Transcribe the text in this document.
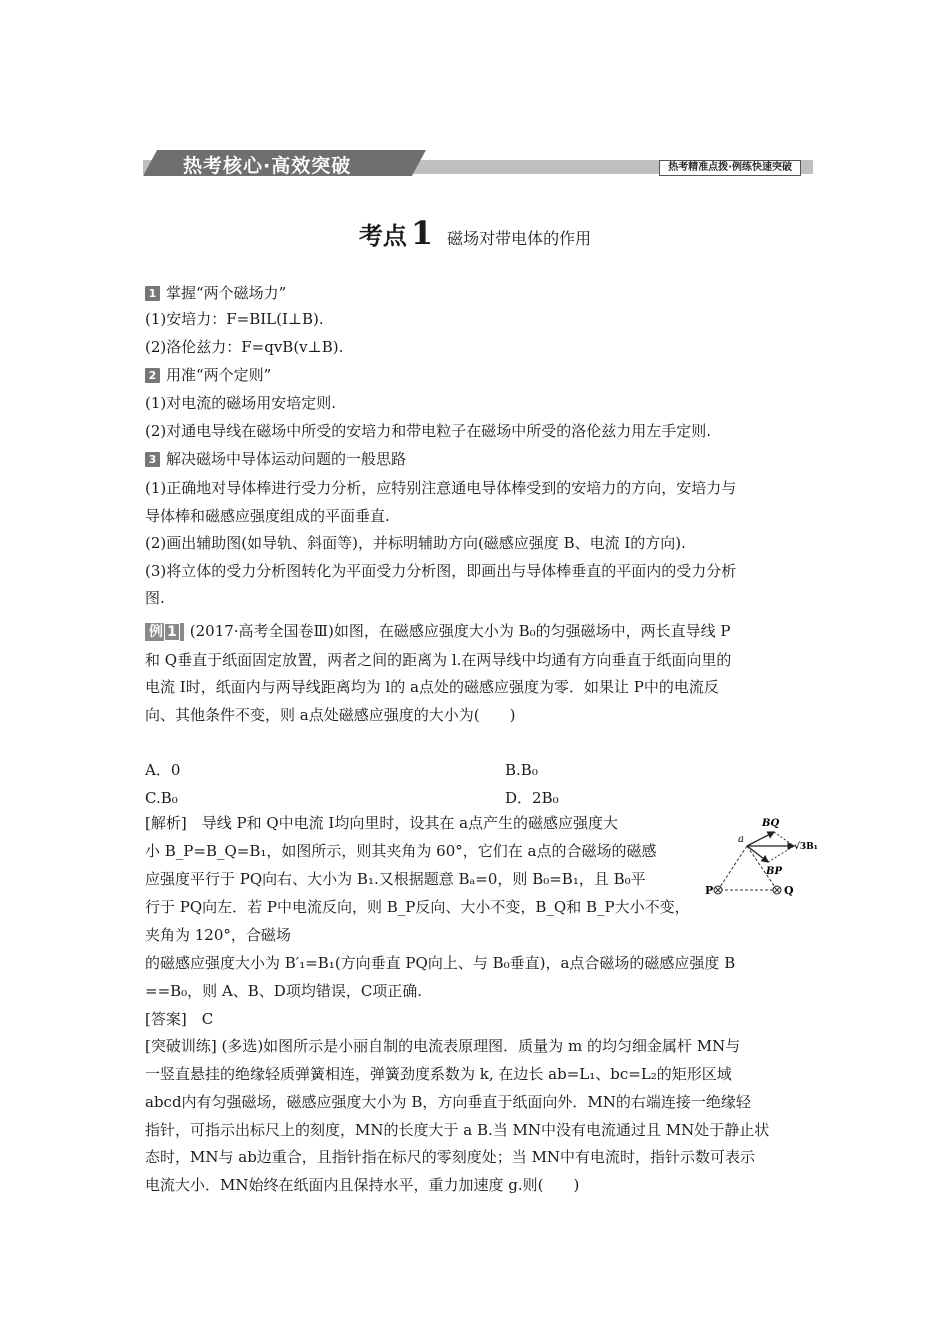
热考核心·高效突破	热考精准点拨·例练快速突破
考点 1 磁场对带电体的作用
1 掌握“两个磁场力”
(1)安培力：F=BIL(I⊥B).
(2)洛伦兹力：F=qvB(v⊥B).
2 用准“两个定则”
(1)对电流的磁场用安培定则.
(2)对通电导线在磁场中所受的安培力和带电粒子在磁场中所受的洛伦兹力用左手定则.
3 解决磁场中导体运动问题的一般思路
(1)正确地对导体棒进行受力分析，应特别注意通电导体棒受到的安培力的方向，安培力与
导体棒和磁感应强度组成的平面垂直.
(2)画出辅助图(如导轨、斜面等)，并标明辅助方向(磁感应强度 B、电流 I的方向).
(3)将立体的受力分析图转化为平面受力分析图，即画出与导体棒垂直的平面内的受力分析
图.
例 1 (2017·高考全国卷Ⅲ)如图，在磁感应强度大小为 B₀的匀强磁场中，两长直导线 P
和 Q垂直于纸面固定放置，两者之间的距离为 l.在两导线中均通有方向垂直于纸面向里的
电流 I时，纸面内与两导线距离均为 l的 a点处的磁感应强度为零．如果让 P中的电流反
向、其他条件不变，则 a点处磁感应强度的大小为(　　)
A．0	B.B₀
C.B₀	D．2B₀
[解析]　导线 P和 Q中电流 I均向里时，设其在 a点产生的磁感应强度大
小 B_P=B_Q=B₁，如图所示，则其夹角为 60°，它们在 a点的合磁场的磁感
应强度平行于 PQ向右、大小为 B₁.又根据题意 Bₐ=0，则 B₀=B₁，且 B₀平
行于 PQ向左．若 P中电流反向，则 B_P反向、大小不变，B_Q和 B_P大小不变，
夹角为 120°，合磁场
的磁感应强度大小为 B′₁=B₁(方向垂直 PQ向上、与 B₀垂直)，a点合磁场的磁感应强度 B
==B₀，则 A、B、D项均错误，C项正确.
[答案]　C
a
BQ
BP
√3B₁
P	Q
[突破训练] (多选)如图所示是小丽自制的电流表原理图．质量为 m 的均匀细金属杆 MN与
一竖直悬挂的绝缘轻质弹簧相连，弹簧劲度系数为 k, 在边长 ab=L₁、bc=L₂的矩形区域
abcd内有匀强磁场，磁感应强度大小为 B，方向垂直于纸面向外．MN的右端连接一绝缘轻
指针，可指示出标尺上的刻度，MN的长度大于 a B.当 MN中没有电流通过且 MN处于静止状
态时，MN与 ab边重合，且指针指在标尺的零刻度处；当 MN中有电流时，指针示数可表示
电流大小．MN始终在纸面内且保持水平，重力加速度 g.则(　　)
